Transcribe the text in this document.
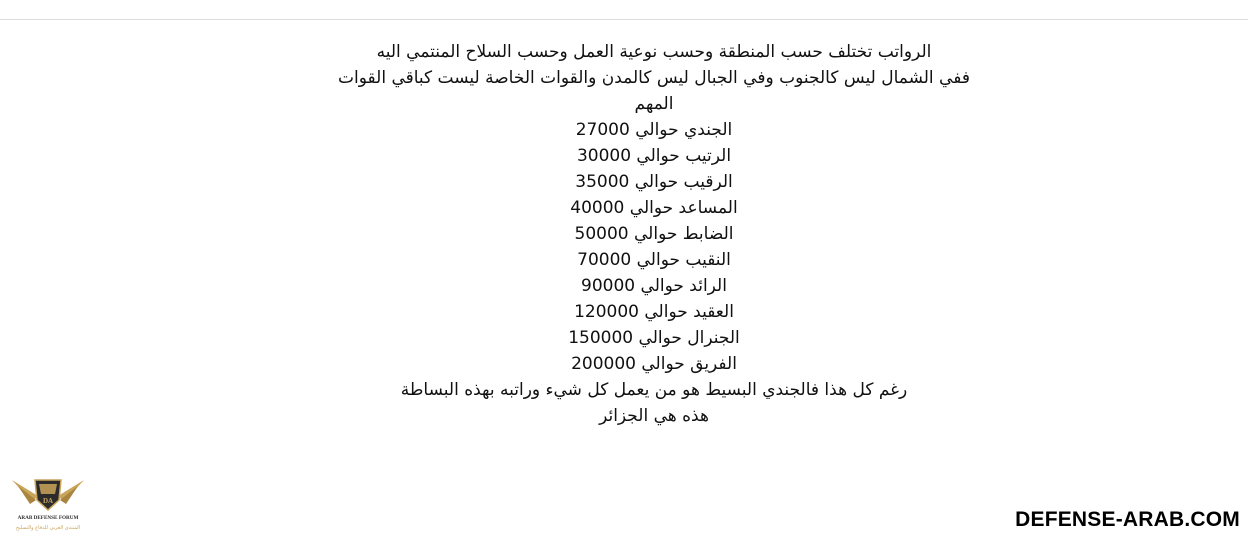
الرواتب تختلف حسب المنطقة وحسب نوعية العمل وحسب السلاح المنتمي اليه
ففي الشمال ليس كالجنوب وفي الجبال ليس كالمدن والقوات الخاصة ليست كباقي القوات
المهم
الجندي حوالي 27000
الرتيب حوالي 30000
الرقيب حوالي 35000
المساعد حوالي 40000
الضابط حوالي 50000
النقيب حوالي 70000
الرائد حوالي 90000
العقيد حوالي 120000
الجنرال حوالي 150000
الفريق حوالي 200000
رغم كل هذا فالجندي البسيط هو من يعمل كل شيء وراتبه بهذه البساطة
هذه هي الجزائر
DA
ARAB DEFENSE FORUM
المنتدى العربي للدفاع والتسليح	DEFENSE-ARAB.COM
